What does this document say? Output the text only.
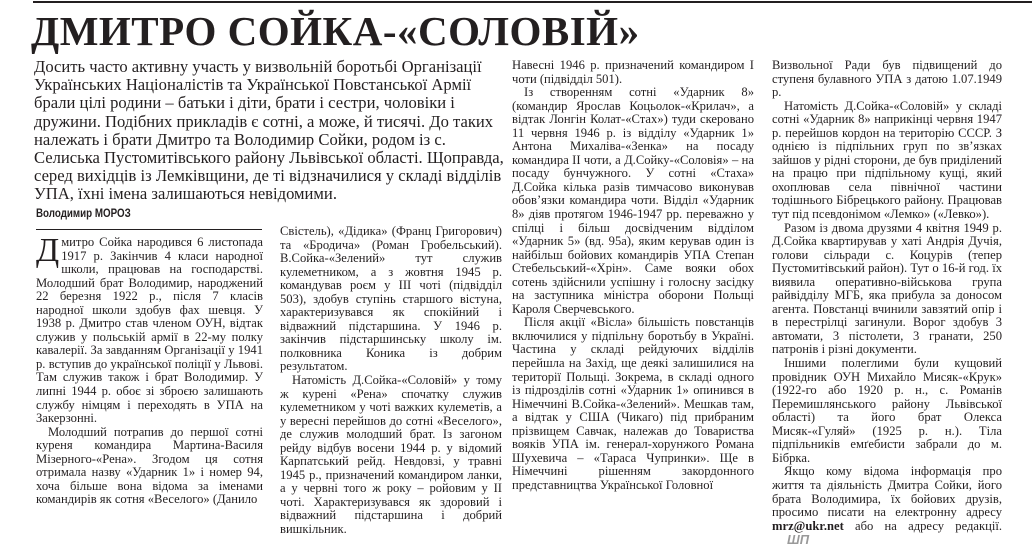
ДМИТРО СОЙКА-«СОЛОВІЙ»

Досить часто активну участь у визвольній боротьбі Організації Українських Націоналістів та Української Повстанської Армії брали цілі родини – батьки і діти, брати і сестри, чоловіки і дружини. Подібних прикладів є сотні, а може, й тисячі. До таких належать і брати Дмитро та Володимир Сойки, родом із с. Селиська Пустомитівського району Львівської області. Щоправда, серед вихідців із Лемківщини, де ті відзначилися у складі відділів УПА, їхні імена залишаються невідомими.

Володимир МОРОЗ

Дмитро Сойка народився 6 листопада 1917 р. Закінчив 4 класи народної школи, працював на господарстві. Молодший брат Володимир, народжений 22 березня 1922 р., після 7 класів народної школи здобув фах шевця. У 1938 р. Дмитро став членом ОУН, відтак служив у польській армії в 22-му полку кавалерії. За завданням Організації у 1941 р. вступив до української поліції у Львові. Там служив також і брат Володимир. У липні 1944 р. обоє зі зброєю залишають службу німцям і переходять в УПА на Закерзонні.

Молодший потрапив до першої сотні куреня командира Мартина-Василя Мізерного-«Рена». Згодом ця сотня отримала назву «Ударник 1» і номер 94, хоча більше вона відома за іменами командирів як сотня «Веселого» (Данило

Свістель), «Дідика» (Франц Григорович) та «Бродича» (Роман Гробельський). В.Сойка-«Зелений» тут служив кулеметником, а з жовтня 1945 р. командував роєм у ІІІ чоті (підвідділ 503), здобув ступінь старшого вістуна, характеризувався як спокійний і відважний підстаршина. У 1946 р. закінчив підстаршинську школу ім. полковника Коника із добрим результатом.

Натомість Д.Сойка-«Соловій» у тому ж курені «Рена» спочатку служив кулеметником у чоті важких кулеметів, а у вересні перейшов до сотні «Веселого», де служив молодший брат. Із загоном рейду відбув восени 1944 р. у відомий Карпатський рейд. Невдовзі, у травні 1945 р., призначений командиром ланки, а у червні того ж року – ройовим у ІІ чоті. Характеризувався як здоровий і відважний підстаршина і добрий вишкільник.

Навесні 1946 р. призначений командиром І чоти (підвідділ 501).

Із створенням сотні «Ударник 8» (командир Ярослав Коцьолок-«Крилач», а відтак Лонгін Колат-«Стах») туди скеровано 11 червня 1946 р. із відділу «Ударник 1» Антона Михаліва-«Зенка» на посаду командира ІІ чоти, а Д.Сойку-«Соловія» – на посаду бунчужного. У сотні «Стаха» Д.Сойка кілька разів тимчасово виконував обов’язки командира чоти. Відділ «Ударник 8» діяв протягом 1946-1947 рр. переважно у спілці і більш досвідченим відділом «Ударник 5» (вд. 95а), яким керував один із найбільш бойових командирів УПА Степан Стебельський-«Хрін». Саме вояки обох сотень здійснили успішну і голосну засідку на заступника міністра оборони Польщі Кароля Сверчевського.

Після акції «Вісла» більшість повстанців включилися у підпільну боротьбу в Україні. Частина у складі рейдуючих відділів перейшла на Захід, ще деякі залишилися на території Польщі. Зокрема, в складі одного із підрозділів сотні «Ударник 1» опинився в Німеччині В.Сойка-«Зелений». Мешкав там, а відтак у США (Чикаго) під прибраним прізвищем Савчак, належав до Товариства вояків УПА ім. генерал-хорунжого Романа Шухевича – «Тараса Чупринки». Ще в Німеччині рішенням закордонного представництва Української Головної

Визвольної Ради був підвищений до ступеня булавного УПА з датою 1.07.1949 р.

Натомість Д.Сойка-«Соловій» у складі сотні «Ударник 8» наприкінці червня 1947 р. перейшов кордон на територію СССР. З однією із підпільних груп по зв’язках зайшов у рідні сторони, де був приділений на працю при підпільному кущі, який охоплював села північної частини тодішнього Бібрецького району. Працював тут під псевдонімом «Лемко» («Левко»).

Разом із двома друзями 4 квітня 1949 р. Д.Сойка квартирував у хаті Андрія Дучія, голови сільради с. Коцурів (тепер Пустомитівський район). Тут о 16-й год. їх виявила оперативно-військова група райвідділу МГБ, яка прибула за доносом агента. Повстанці вчинили завзятий опір і в перестрілці загинули. Ворог здобув 3 автомати, 3 пістолети, 3 гранати, 250 патронів і різні документи.

Іншими полеглими були кущовий провідник ОУН Михайло Мисяк-«Крук» (1922-го або 1920 р. н., с. Романів Перемишлянського району Львівської області) та його брат Олекса Мисяк-«Гуляй» (1925 р. н.). Тіла підпільників емґебисти забрали до м. Бібрка.

Якщо кому відома інформація про життя та діяльність Дмитра Сойки, його брата Володимира, їх бойових друзів, просимо писати на електронну адресу mrz@ukr.net або на адресу редакції.ШП
